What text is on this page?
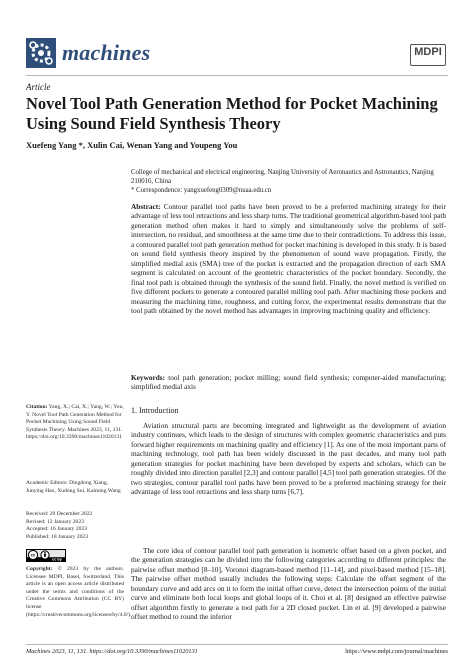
machines	MDPI
Article
Novel Tool Path Generation Method for Pocket Machining Using Sound Field Synthesis Theory
Xuefeng Yang *, Xulin Cai, Wenan Yang and Youpeng You
College of mechanical and electrical engineering, Nanjing University of Aeronautics and Astronautics, Nanjing 210016, China
* Correspondence: yangxuefeng0309@nuaa.edu.cn
Abstract: Contour parallel tool paths have been proved to be a preferred machining strategy for their advantage of less tool retractions and less sharp turns. The traditional geometrical algorithm-based tool path generation method often makes it hard to simply and simultaneously solve the problems of self-intersection, no residual, and smoothness at the same time due to their contradictions. To address this issue, a contoured parallel tool path generation method for pocket machining is developed in this study. It is based on sound field synthesis theory inspired by the phenomenon of sound wave propagation. Firstly, the simplified medial axis (SMA) tree of the pocket is extracted and the propagation direction of each SMA segment is calculated on account of the geometric characteristics of the pocket boundary. Secondly, the final tool path is obtained through the synthesis of the sound field. Finally, the novel method is verified on five different pockets to generate a contoured parallel milling tool path. After machining these pockets and measuring the machining time, roughness, and cutting force, the experimental results demonstrate that the tool path obtained by the novel method has advantages in improving machining quality and efficiency.
Keywords: tool path generation; pocket milling; sound field synthesis; computer-aided manufacturing; simplified medial axis
1. Introduction
Aviation structural parts are becoming integrated and lightweight as the development of aviation industry continues, which leads to the design of structures with complex geometric characteristics and puts forward higher requirements on machining quality and efficiency [1]. As one of the most important parts of machining technology, tool path has been widely discussed in the past decades, and many tool path generation strategies for pocket machining have been developed by experts and scholars, which can be roughly divided into direction parallel [2,3] and contour parallel [4,5] tool path generation strategies. Of the two strategies, contour parallel tool paths have been proved to be a preferred machining strategy for their advantage of less tool retractions and less sharp turns [6,7].
The core idea of contour parallel tool path generation is isometric offset based on a given pocket, and the generation strategies can be divided into the following categories according to different principles: the pairwise offset method [8–10], Voronoi diagram-based method [11–14], and pixel-based method [15–18]. The pairwise offset method usually includes the following steps: Calculate the offset segment of the boundary curve and add arcs on it to form the initial offset curve, detect the intersection points of the initial curve and eliminate both local loops and global loops of it. Choi et al. [8] designed an effective pairwise offset algorithm firstly to generate a tool path for a 2D closed pocket. Lin et al. [9] developed a pairwise offset method to round the inferior
Citation: Yang, X.; Cai, X.; Yang, W.; You, Y. Novel Tool Path Generation Method for Pocket Machining Using Sound Field Synthesis Theory. Machines 2023, 11, 131. https://doi.org/10.3390/machines11020131
Academic Editors: Dingdong Xiang, Junying Hao, Xudong Sui, Kaiming Wang
Received: 29 December 2022
Revised: 12 January 2023
Accepted: 16 January 2023
Published: 18 January 2023
cc
cc by
Copyright: © 2023 by the authors. Licensee MDPI, Basel, Switzerland. This article is an open access article distributed under the terms and conditions of the Creative Commons Attribution (CC BY) license (https://creativecommons.org/licenses/by/4.0/).
Machines 2023, 11, 131. https://doi.org/10.3390/machines11020131	https://www.mdpi.com/journal/machines
